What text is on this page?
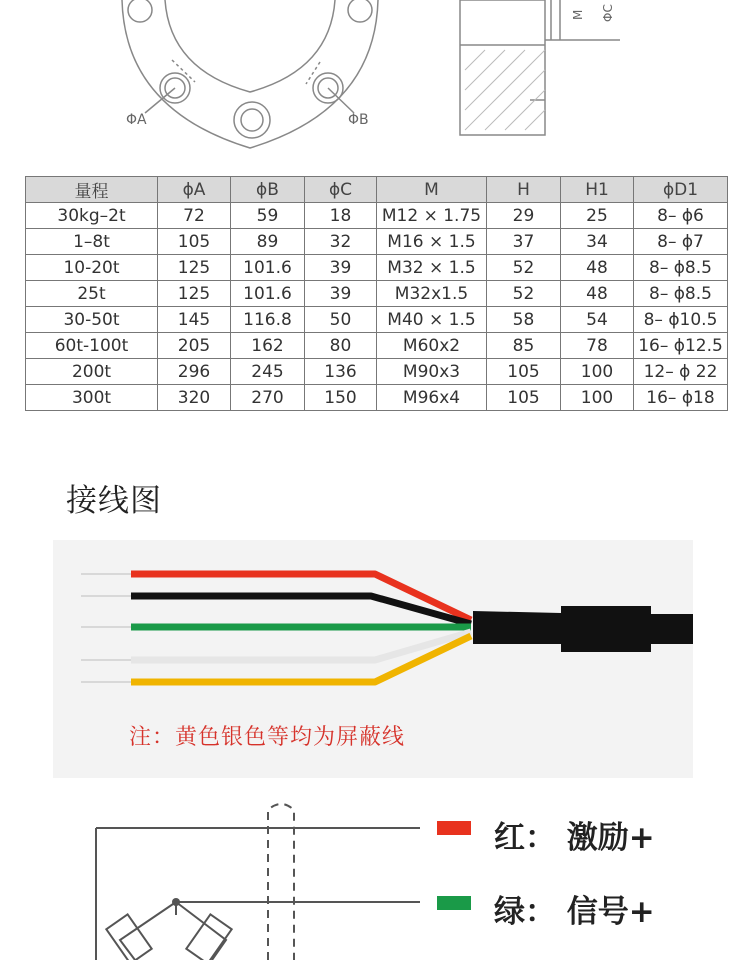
ΦA	ΦB
M ΦC
量程	ϕA	ϕB	ϕC	M	H	H1	ϕD1
30kg–2t	72	59	18	M12 × 1.75	29	25	8– ϕ6
1–8t	105	89	32	M16 × 1.5	37	34	8– ϕ7
10-20t	125	101.6	39	M32 × 1.5	52	48	8– ϕ8.5
25t	125	101.6	39	M32x1.5	52	48	8– ϕ8.5
30-50t	145	116.8	50	M40 × 1.5	58	54	8– ϕ10.5
60t-100t	205	162	80	M60x2	85	78	16– ϕ12.5
200t	296	245	136	M90x3	105	100	12– ϕ 22
300t	320	270	150	M96x4	105	100	16– ϕ18
接线图
注：黄色银色等均为屏蔽线
红： 激励+
绿： 信号+
